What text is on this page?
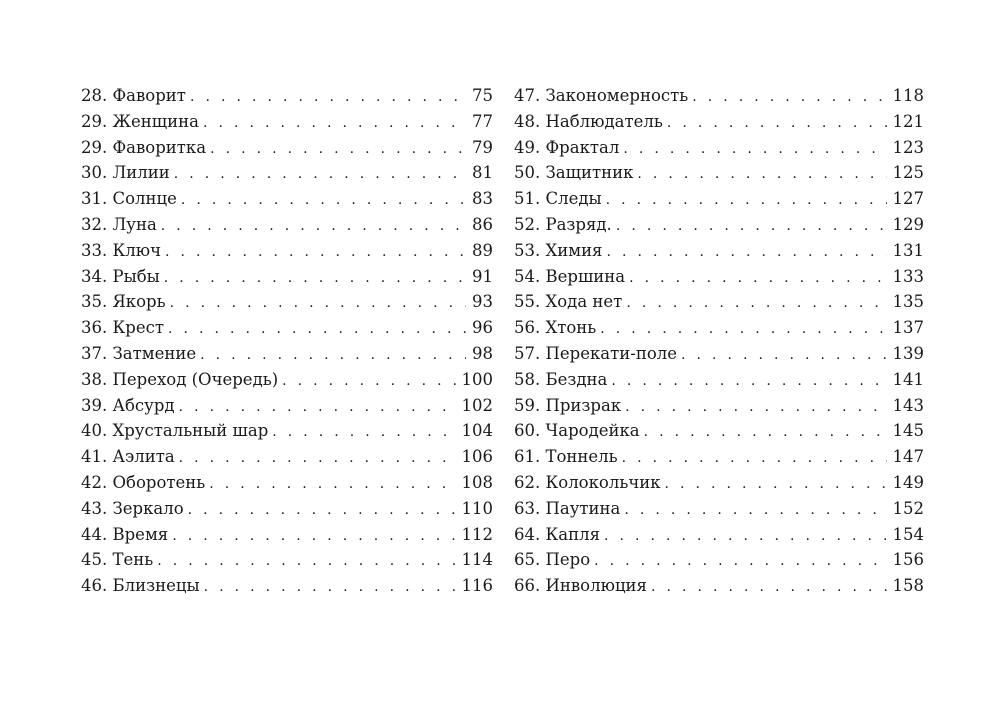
28. Фаворит . . .	75
29. Женщина . . .	77
29. Фаворитка . . .	79
30. Лилии . . .	81
31. Солнце . . .	83
32. Луна . . .	86
33. Ключ . . .	89
34. Рыбы . . .	91
35. Якорь . . .	93
36. Крест . . .	96
37. Затмение . . .	98
38. Переход (Очередь) . . .	100
39. Абсурд . . .	102
40. Хрустальный шар . . .	104
41. Аэлита . . .	106
42. Оборотень . . .	108
43. Зеркало . . .	110
44. Время . . .	112
45. Тень . . .	114
46. Близнецы . . .	116
47. Закономерность . . .	118
48. Наблюдатель . . .	121
49. Фрактал . . .	123
50. Защитник . . .	125
51. Следы . . .	127
52. Разряд. . . .	129
53. Химия . . .	131
54. Вершина . . .	133
55. Хода нет . . .	135
56. Хтонь . . .	137
57. Перекати-поле . . .	139
58. Бездна . . .	141
59. Призрак . . .	143
60. Чародейка . . .	145
61. Тоннель . . .	147
62. Колокольчик . . .	149
63. Паутина . . .	152
64. Капля . . .	154
65. Перо . . .	156
66. Инволюция . . .	158
